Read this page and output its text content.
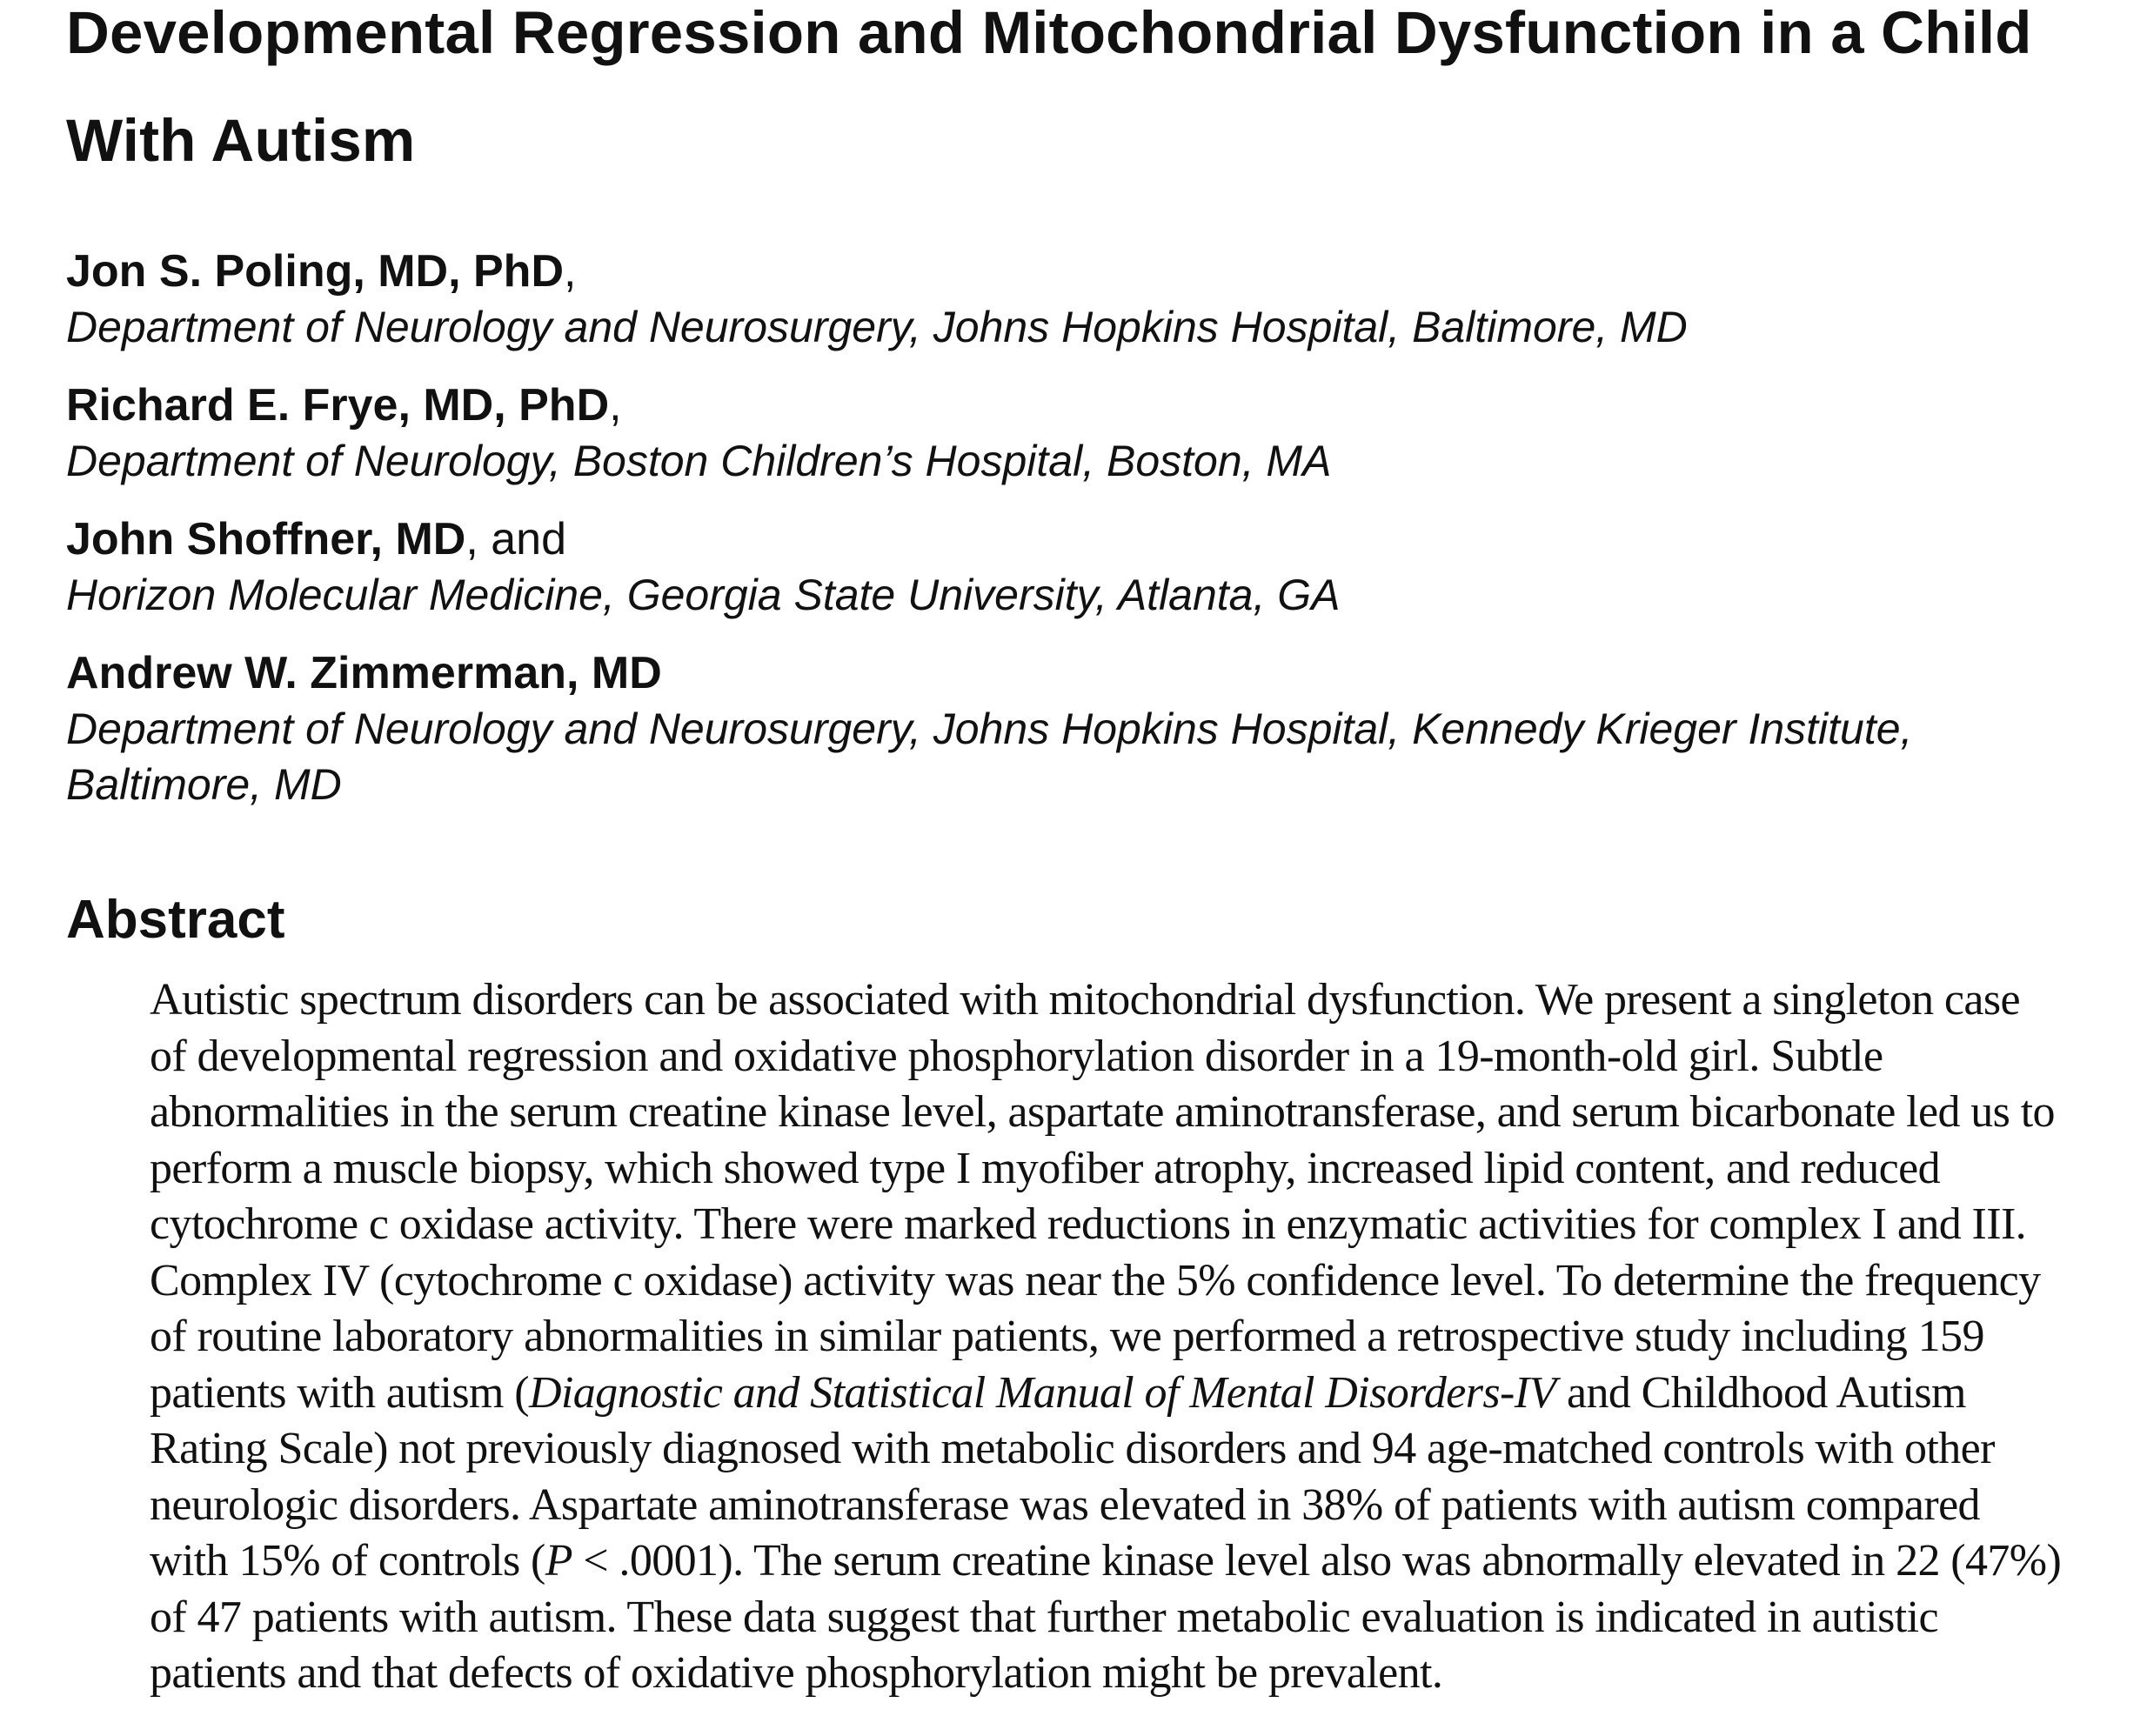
Developmental Regression and Mitochondrial Dysfunction in a Child With Autism
Jon S. Poling, MD, PhD,
Department of Neurology and Neurosurgery, Johns Hopkins Hospital, Baltimore, MD
Richard E. Frye, MD, PhD,
Department of Neurology, Boston Children’s Hospital, Boston, MA
John Shoffner, MD, and
Horizon Molecular Medicine, Georgia State University, Atlanta, GA
Andrew W. Zimmerman, MD
Department of Neurology and Neurosurgery, Johns Hopkins Hospital, Kennedy Krieger Institute, Baltimore, MD
Abstract

Autistic spectrum disorders can be associated with mitochondrial dysfunction. We present a singleton case of developmental regression and oxidative phosphorylation disorder in a 19-month-old girl. Subtle abnormalities in the serum creatine kinase level, aspartate aminotransferase, and serum bicarbonate led us to perform a muscle biopsy, which showed type I myofiber atrophy, increased lipid content, and reduced cytochrome c oxidase activity. There were marked reductions in enzymatic activities for complex I and III. Complex IV (cytochrome c oxidase) activity was near the 5% confidence level. To determine the frequency of routine laboratory abnormalities in similar patients, we performed a retrospective study including 159 patients with autism (Diagnostic and Statistical Manual of Mental Disorders-IV and Childhood Autism Rating Scale) not previously diagnosed with metabolic disorders and 94 age-matched controls with other neurologic disorders. Aspartate aminotransferase was elevated in 38% of patients with autism compared with 15% of controls (P < .0001). The serum creatine kinase level also was abnormally elevated in 22 (47%) of 47 patients with autism. These data suggest that further metabolic evaluation is indicated in autistic patients and that defects of oxidative phosphorylation might be prevalent.
